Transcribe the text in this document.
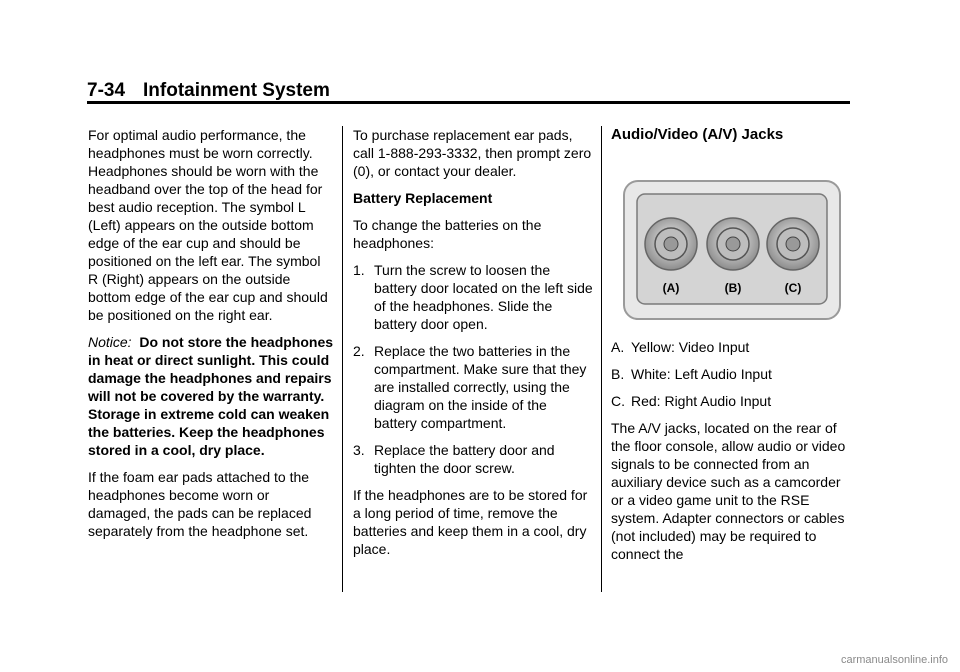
7-34 Infotainment System

For optimal audio performance, the headphones must be worn correctly. Headphones should be worn with the headband over the top of the head for best audio reception. The symbol L (Left) appears on the outside bottom edge of the ear cup and should be positioned on the left ear. The symbol R (Right) appears on the outside bottom edge of the ear cup and should be positioned on the right ear.

Notice: Do not store the headphones in heat or direct sunlight. This could damage the headphones and repairs will not be covered by the warranty. Storage in extreme cold can weaken the batteries. Keep the headphones stored in a cool, dry place.

If the foam ear pads attached to the headphones become worn or damaged, the pads can be replaced separately from the headphone set.

To purchase replacement ear pads, call 1-888-293-3332, then prompt zero (0), or contact your dealer.

Battery Replacement

To change the batteries on the headphones:

1. Turn the screw to loosen the battery door located on the left side of the headphones. Slide the battery door open.
2. Replace the two batteries in the compartment. Make sure that they are installed correctly, using the diagram on the inside of the battery compartment.
3. Replace the battery door and tighten the door screw.

If the headphones are to be stored for a long period of time, remove the batteries and keep them in a cool, dry place.

Audio/Video (A/V) Jacks

(A)	(B)	(C)

A. Yellow: Video Input

B. White: Left Audio Input

C. Red: Right Audio Input

The A/V jacks, located on the rear of the floor console, allow audio or video signals to be connected from an auxiliary device such as a camcorder or a video game unit to the RSE system. Adapter connectors or cables (not included) may be required to connect the

carmanualsonline.info
